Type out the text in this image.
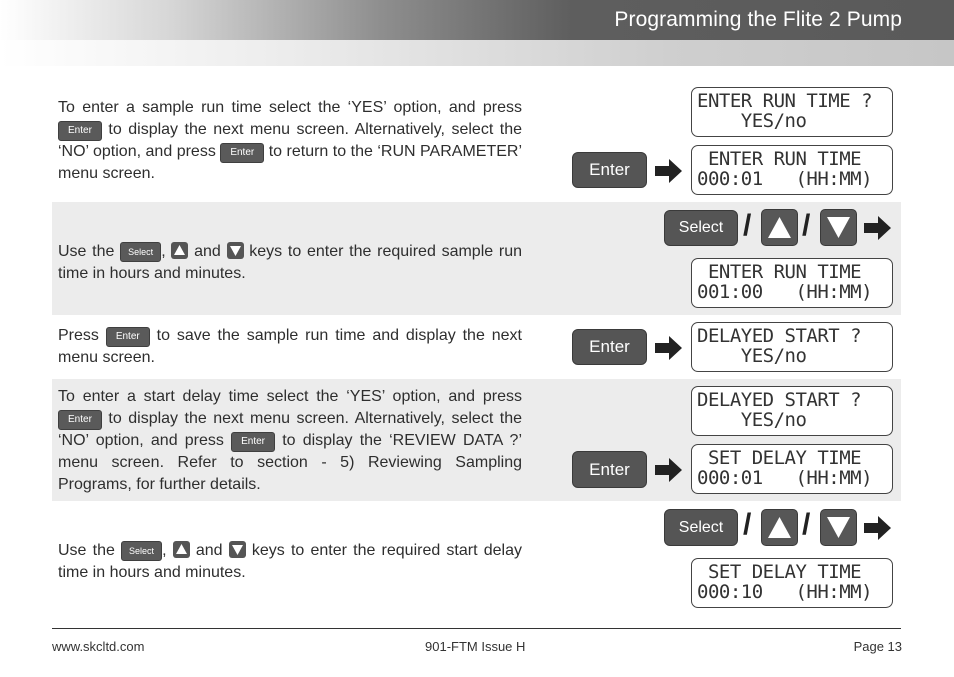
Programming the Flite 2 Pump
To enter a sample run time select the ‘YES’ option, and press Enter to display the next menu screen. Alternatively, select the ‘NO’ option, and press Enter to return to the ‘RUN PARAMETER’ menu screen.
Use the Select , and keys to enter the required sample run time in hours and minutes.
Press Enter to save the sample run time and display the next menu screen.
To enter a start delay time select the ‘YES’ option, and press Enter to display the next menu screen. Alternatively, select the ‘NO’ option, and press Enter to display the ‘REVIEW DATA ?’ menu screen. Refer to section - 5) Reviewing Sampling Programs, for further details.
Use the Select , and keys to enter the required start delay time in hours and minutes.
ENTER RUN TIME ?
YES/no
ENTER RUN TIME
000:01   (HH:MM)
ENTER RUN TIME
001:00   (HH:MM)
DELAYED START ?
YES/no
DELAYED START ?
YES/no
SET DELAY TIME
000:01   (HH:MM)
SET DELAY TIME
000:10   (HH:MM)
Enter
Enter
Enter
Select / /
Select / /
www.skcltd.com	901-FTM Issue H	Page 13
